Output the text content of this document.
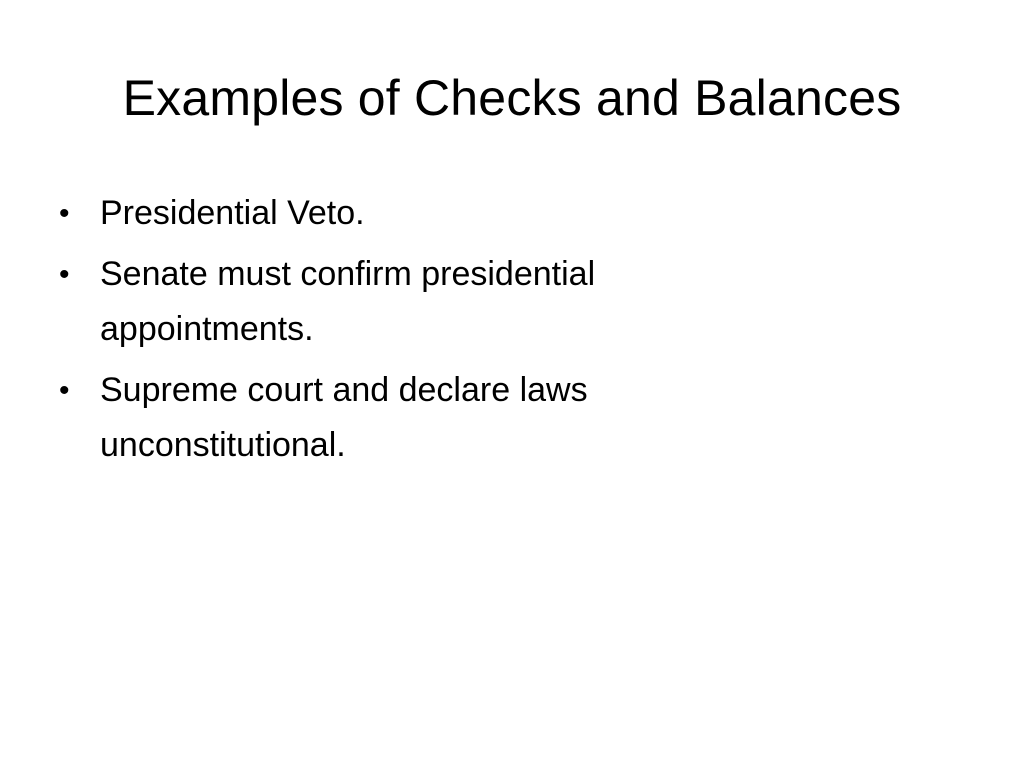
Examples of Checks and Balances
• Presidential Veto.
• Senate must confirm presidential appointments.
• Supreme court and declare laws unconstitutional.
